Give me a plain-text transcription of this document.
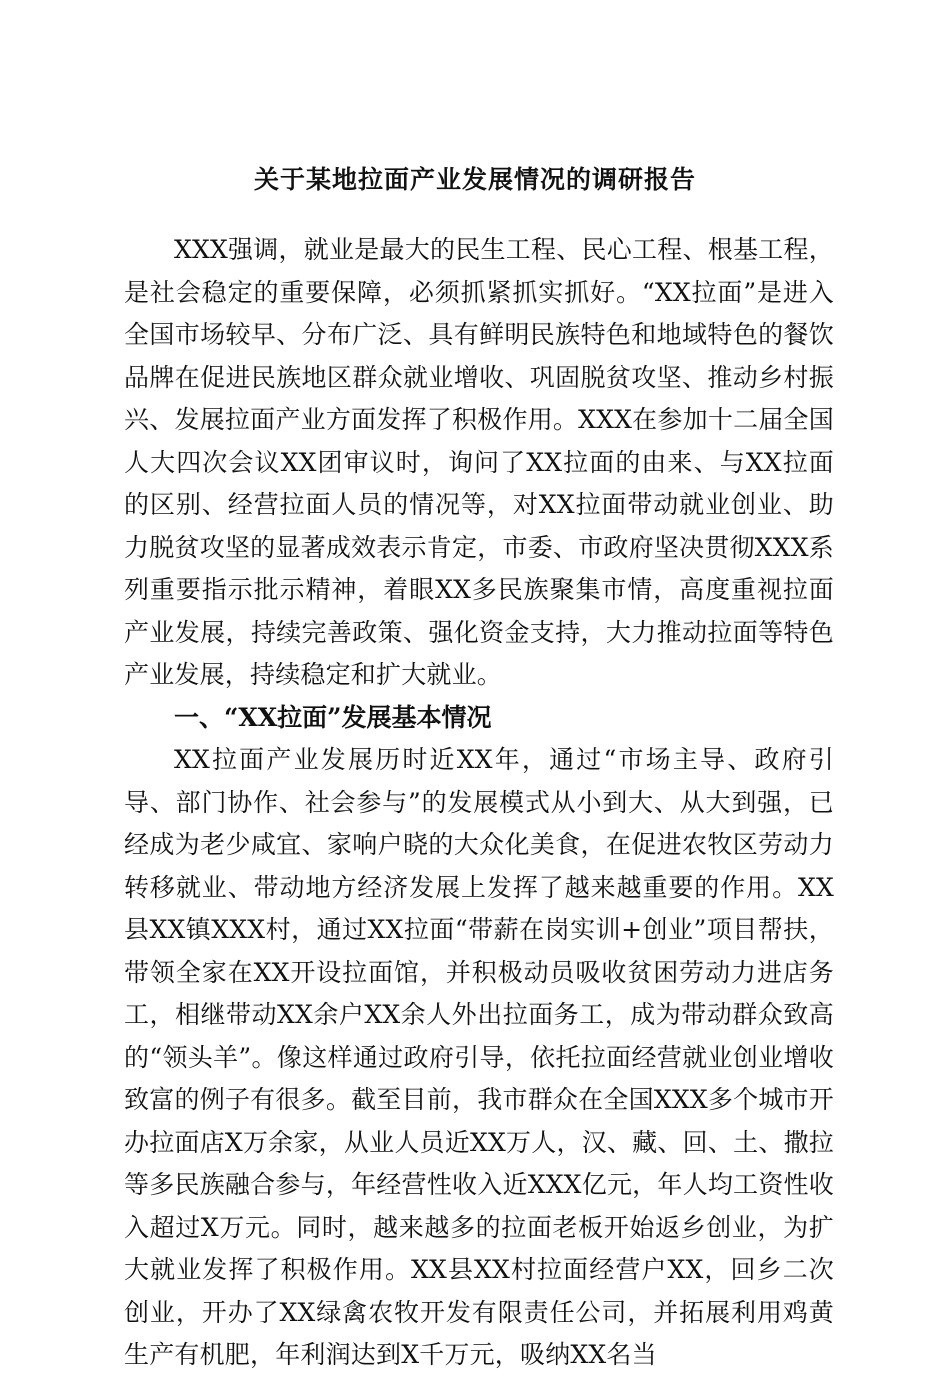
关于某地拉面产业发展情况的调研报告

XXX强调，就业是最大的民生工程、民心工程、根基工程，是社会稳定的重要保障，必须抓紧抓实抓好。“XX拉面”是进入全国市场较早、分布广泛、具有鲜明民族特色和地域特色的餐饮品牌在促进民族地区群众就业增收、巩固脱贫攻坚、推动乡村振兴、发展拉面产业方面发挥了积极作用。XXX在参加十二届全国人大四次会议XX团审议时，询问了XX拉面的由来、与XX拉面的区别、经营拉面人员的情况等，对XX拉面带动就业创业、助力脱贫攻坚的显著成效表示肯定，市委、市政府坚决贯彻XXX系列重要指示批示精神，着眼XX多民族聚集市情，高度重视拉面产业发展，持续完善政策、强化资金支持，大力推动拉面等特色产业发展，持续稳定和扩大就业。

一、“XX拉面”发展基本情况

XX拉面产业发展历时近XX年，通过“市场主导、政府引导、部门协作、社会参与”的发展模式从小到大、从大到强，已经成为老少咸宜、家响户晓的大众化美食，在促进农牧区劳动力转移就业、带动地方经济发展上发挥了越来越重要的作用。XX县XX镇XXX村，通过XX拉面“带薪在岗实训+创业”项目帮扶，带领全家在XX开设拉面馆，并积极动员吸收贫困劳动力进店务工，相继带动XX余户XX余人外出拉面务工，成为带动群众致高的“领头羊”。像这样通过政府引导，依托拉面经营就业创业增收致富的例子有很多。截至目前，我市群众在全国XXX多个城市开办拉面店X万余家，从业人员近XX万人，汉、藏、回、土、撒拉等多民族融合参与，年经营性收入近XXX亿元，年人均工资性收入超过X万元。同时，越来越多的拉面老板开始返乡创业，为扩大就业发挥了积极作用。XX县XX村拉面经营户XX，回乡二次创业，开办了XX绿禽农牧开发有限责任公司，并拓展利用鸡黄生产有机肥，年利润达到X千万元，吸纳XX名当
